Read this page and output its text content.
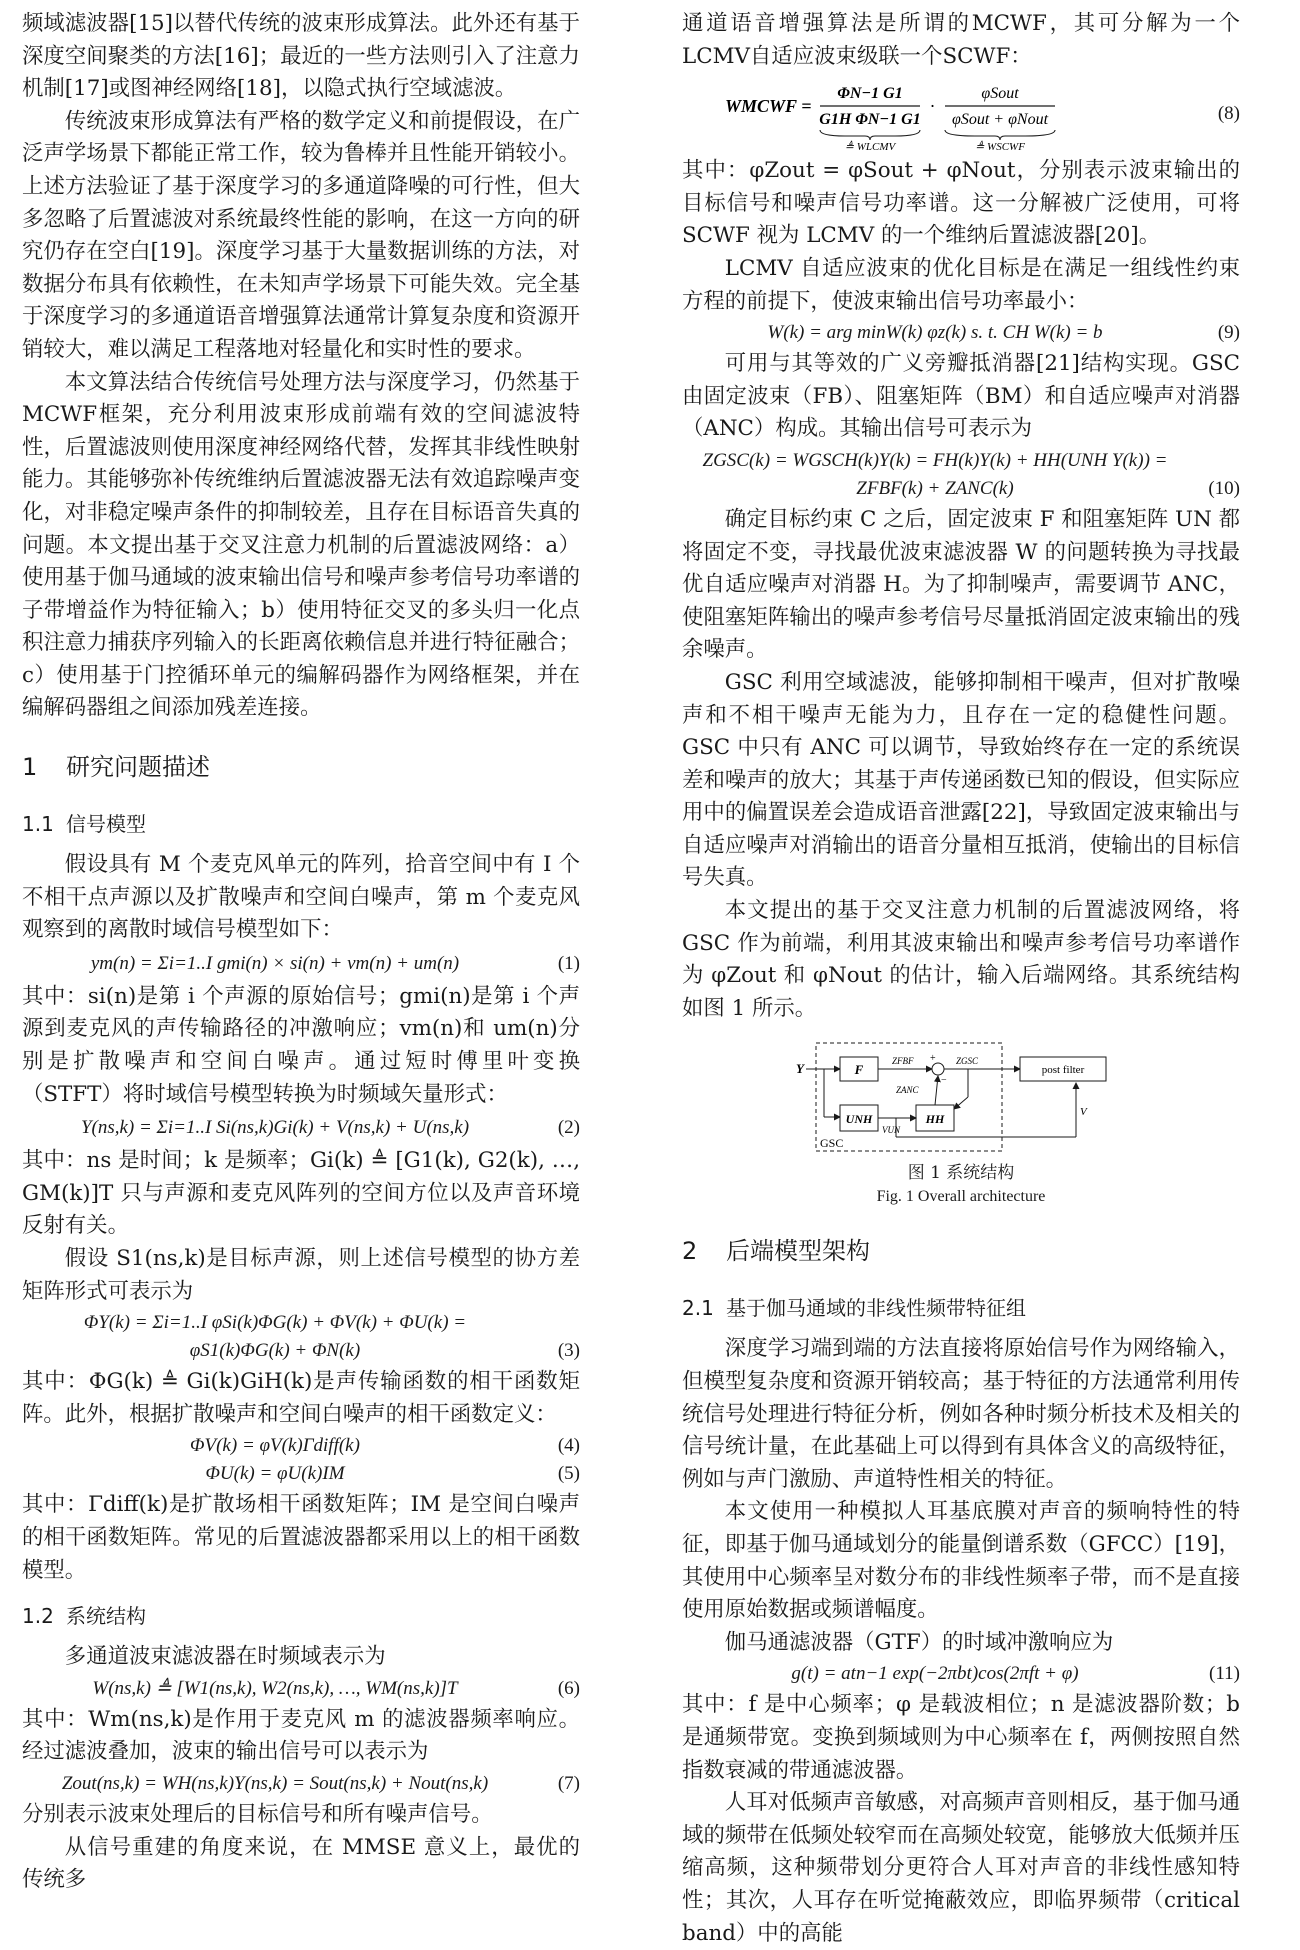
频域滤波器[15]以替代传统的波束形成算法。此外还有基于深度空间聚类的方法[16]；最近的一些方法则引入了注意力机制[17]或图神经网络[18]，以隐式执行空域滤波。

传统波束形成算法有严格的数学定义和前提假设，在广泛声学场景下都能正常工作，较为鲁棒并且性能开销较小。上述方法验证了基于深度学习的多通道降噪的可行性，但大多忽略了后置滤波对系统最终性能的影响，在这一方向的研究仍存在空白[19]。深度学习基于大量数据训练的方法，对数据分布具有依赖性，在未知声学场景下可能失效。完全基于深度学习的多通道语音增强算法通常计算复杂度和资源开销较大，难以满足工程落地对轻量化和实时性的要求。

本文算法结合传统信号处理方法与深度学习，仍然基于MCWF框架，充分利用波束形成前端有效的空间滤波特性，后置滤波则使用深度神经网络代替，发挥其非线性映射能力。其能够弥补传统维纳后置滤波器无法有效追踪噪声变化，对非稳定噪声条件的抑制较差，且存在目标语音失真的问题。本文提出基于交叉注意力机制的后置滤波网络：a）使用基于伽马通域的波束输出信号和噪声参考信号功率谱的子带增益作为特征输入；b）使用特征交叉的多头归一化点积注意力捕获序列输入的长距离依赖信息并进行特征融合；c）使用基于门控循环单元的编解码器作为网络框架，并在编解码器组之间添加残差连接。

1 研究问题描述
1.1 信号模型

假设具有 M 个麦克风单元的阵列，拾音空间中有 I 个不相干点声源以及扩散噪声和空间白噪声，第 m 个麦克风观察到的离散时域信号模型如下：

ym(n) = Σi=1..I gmi(n) × si(n) + vm(n) + um(n)	(1)

其中：si(n)是第 i 个声源的原始信号；gmi(n)是第 i 个声源到麦克风的声传输路径的冲激响应；vm(n)和 um(n)分别是扩散噪声和空间白噪声。通过短时傅里叶变换（STFT）将时域信号模型转换为时频域矢量形式：

Y(ns,k) = Σi=1..I Si(ns,k)Gi(k) + V(ns,k) + U(ns,k)	(2)

其中：ns 是时间；k 是频率；Gi(k) ≜ [G1(k), G2(k), …, GM(k)]T 只与声源和麦克风阵列的空间方位以及声音环境反射有关。

假设 S1(ns,k)是目标声源，则上述信号模型的协方差矩阵形式可表示为

ΦY(k) = Σi=1..I φSi(k)ΦG(k) + ΦV(k) + ΦU(k) =
φS1(k)ΦG(k) + ΦN(k)	(3)

其中：ΦG(k) ≜ Gi(k)GiH(k)是声传输函数的相干函数矩阵。此外，根据扩散噪声和空间白噪声的相干函数定义：

ΦV(k) = φV(k)Γdiff(k)	(4)
ΦU(k) = φU(k)IM	(5)

其中：Γdiff(k)是扩散场相干函数矩阵；IM 是空间白噪声的相干函数矩阵。常见的后置滤波器都采用以上的相干函数模型。

1.2 系统结构

多通道波束滤波器在时频域表示为

W(ns,k) ≜ [W1(ns,k), W2(ns,k), …, WM(ns,k)]T	(6)

其中：Wm(ns,k)是作用于麦克风 m 的滤波器频率响应。经过滤波叠加，波束的输出信号可以表示为

Zout(ns,k) = WH(ns,k)Y(ns,k) = Sout(ns,k) + Nout(ns,k)	(7)

分别表示波束处理后的目标信号和所有噪声信号。

从信号重建的角度来说，在 MMSE 意义上，最优的传统多

通道语音增强算法是所谓的MCWF，其可分解为一个LCMV自适应波束级联一个SCWF：

WMCWF =
ΦN−1 G1
G1H ΦN−1 G1
·
φSout
φSout + φNout
≜ WLCMV	≜ WSCWF
(8)

其中：φZout = φSout + φNout，分别表示波束输出的目标信号和噪声信号功率谱。这一分解被广泛使用，可将 SCWF 视为 LCMV 的一个维纳后置滤波器[20]。

LCMV 自适应波束的优化目标是在满足一组线性约束方程的前提下，使波束输出信号功率最小：

W(k) = arg minW(k) φz(k) s. t. CH W(k) = b	(9)

可用与其等效的广义旁瓣抵消器[21]结构实现。GSC 由固定波束（FB）、阻塞矩阵（BM）和自适应噪声对消器（ANC）构成。其输出信号可表示为

ZGSC(k) = WGSCH(k)Y(k) = FH(k)Y(k) + HH(UNH Y(k)) =
ZFBF(k) + ZANC(k)	(10)

确定目标约束 C 之后，固定波束 F 和阻塞矩阵 UN 都将固定不变，寻找最优波束滤波器 W 的问题转换为寻找最优自适应噪声对消器 H。为了抑制噪声，需要调节 ANC，使阻塞矩阵输出的噪声参考信号尽量抵消固定波束输出的残余噪声。

GSC 利用空域滤波，能够抑制相干噪声，但对扩散噪声和不相干噪声无能为力，且存在一定的稳健性问题。GSC 中只有 ANC 可以调节，导致始终存在一定的系统误差和噪声的放大；其基于声传递函数已知的假设，但实际应用中的偏置误差会造成语音泄露[22]，导致固定波束输出与自适应噪声对消输出的语音分量相互抵消，使输出的目标信号失真。

本文提出的基于交叉注意力机制的后置滤波网络，将 GSC 作为前端，利用其波束输出和噪声参考信号功率谱作为 φZout 和 φNout 的估计，输入后端网络。其系统结构如图 1 所示。

GSC
Y	F
UNH	HH
ZFBF +
−
VUN
ZANC
ZGSC
post filter
V

图 1 系统结构

Fig. 1 Overall architecture

2 后端模型架构
2.1 基于伽马通域的非线性频带特征组

深度学习端到端的方法直接将原始信号作为网络输入，但模型复杂度和资源开销较高；基于特征的方法通常利用传统信号处理进行特征分析，例如各种时频分析技术及相关的信号统计量，在此基础上可以得到有具体含义的高级特征，例如与声门激励、声道特性相关的特征。

本文使用一种模拟人耳基底膜对声音的频响特性的特征，即基于伽马通域划分的能量倒谱系数（GFCC）[19]，其使用中心频率呈对数分布的非线性频率子带，而不是直接使用原始数据或频谱幅度。

伽马通滤波器（GTF）的时域冲激响应为

g(t) = atn−1 exp(−2πbt)cos(2πft + φ)	(11)

其中：f 是中心频率；φ 是载波相位；n 是滤波器阶数；b 是通频带宽。变换到频域则为中心频率在 f，两侧按照自然指数衰减的带通滤波器。

人耳对低频声音敏感，对高频声音则相反，基于伽马通域的频带在低频处较窄而在高频处较宽，能够放大低频并压缩高频，这种频带划分更符合人耳对声音的非线性感知特性；其次，人耳存在听觉掩蔽效应，即临界频带（critical band）中的高能
